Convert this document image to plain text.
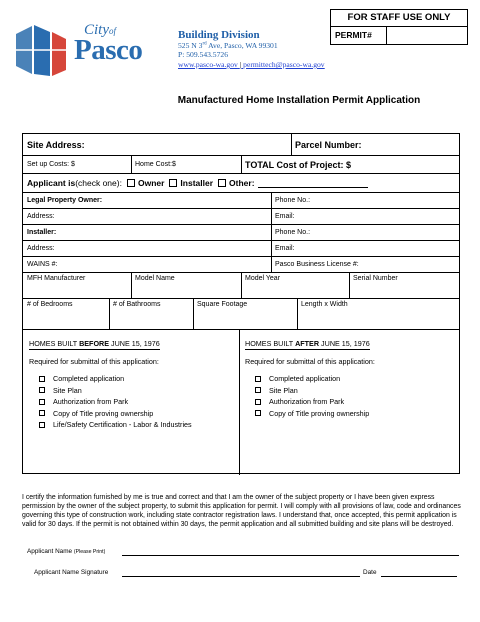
Cityof
Pasco	Building Division
525 N 3rd Ave, Pasco, WA 99301
P: 509.543.5726
www.pasco-wa.gov | permittech@pasco-wa.gov
FOR STAFF USE ONLY
PERMIT#
Manufactured Home Installation Permit Application
Site Address:	Parcel Number:
Set up Costs: $	Home Cost:$	TOTAL Cost of Project: $
Applicant is (check one): Owner Installer Other:
Legal Property Owner:	Phone No.:
Address:	Email:
Installer:	Phone No.:
Address:	Email:
WAINS #:	Pasco Business License #:
MFH Manufacturer	Model Name	Model Year	Serial Number
# of Bedrooms	# of Bathrooms	Square Footage	Length x Width
HOMES BUILT BEFORE JUNE 15, 1976
Required for submittal of this application:
Completed application
Site Plan
Authorization from Park
Copy of Title proving ownership
Life/Safety Certification - Labor & Industries
HOMES BUILT AFTER JUNE 15, 1976
Required for submittal of this application:
Completed application
Site Plan
Authorization from Park
Copy of Title proving ownership
I certify the information furnished by me is true and correct and that I am the owner of the subject property or I have been given express permission by the owner of the subject property, to submit this application for permit. I will comply with all provisions of law, code and ordinances governing this type of construction work, including state contractor registration laws. I understand that, once accepted, this permit application is valid for 30 days. If the permit is not obtained within 30 days, the permit application and all submitted building and site plans will be destroyed.
Applicant Name (Please Print)
Applicant Name Signature	Date
